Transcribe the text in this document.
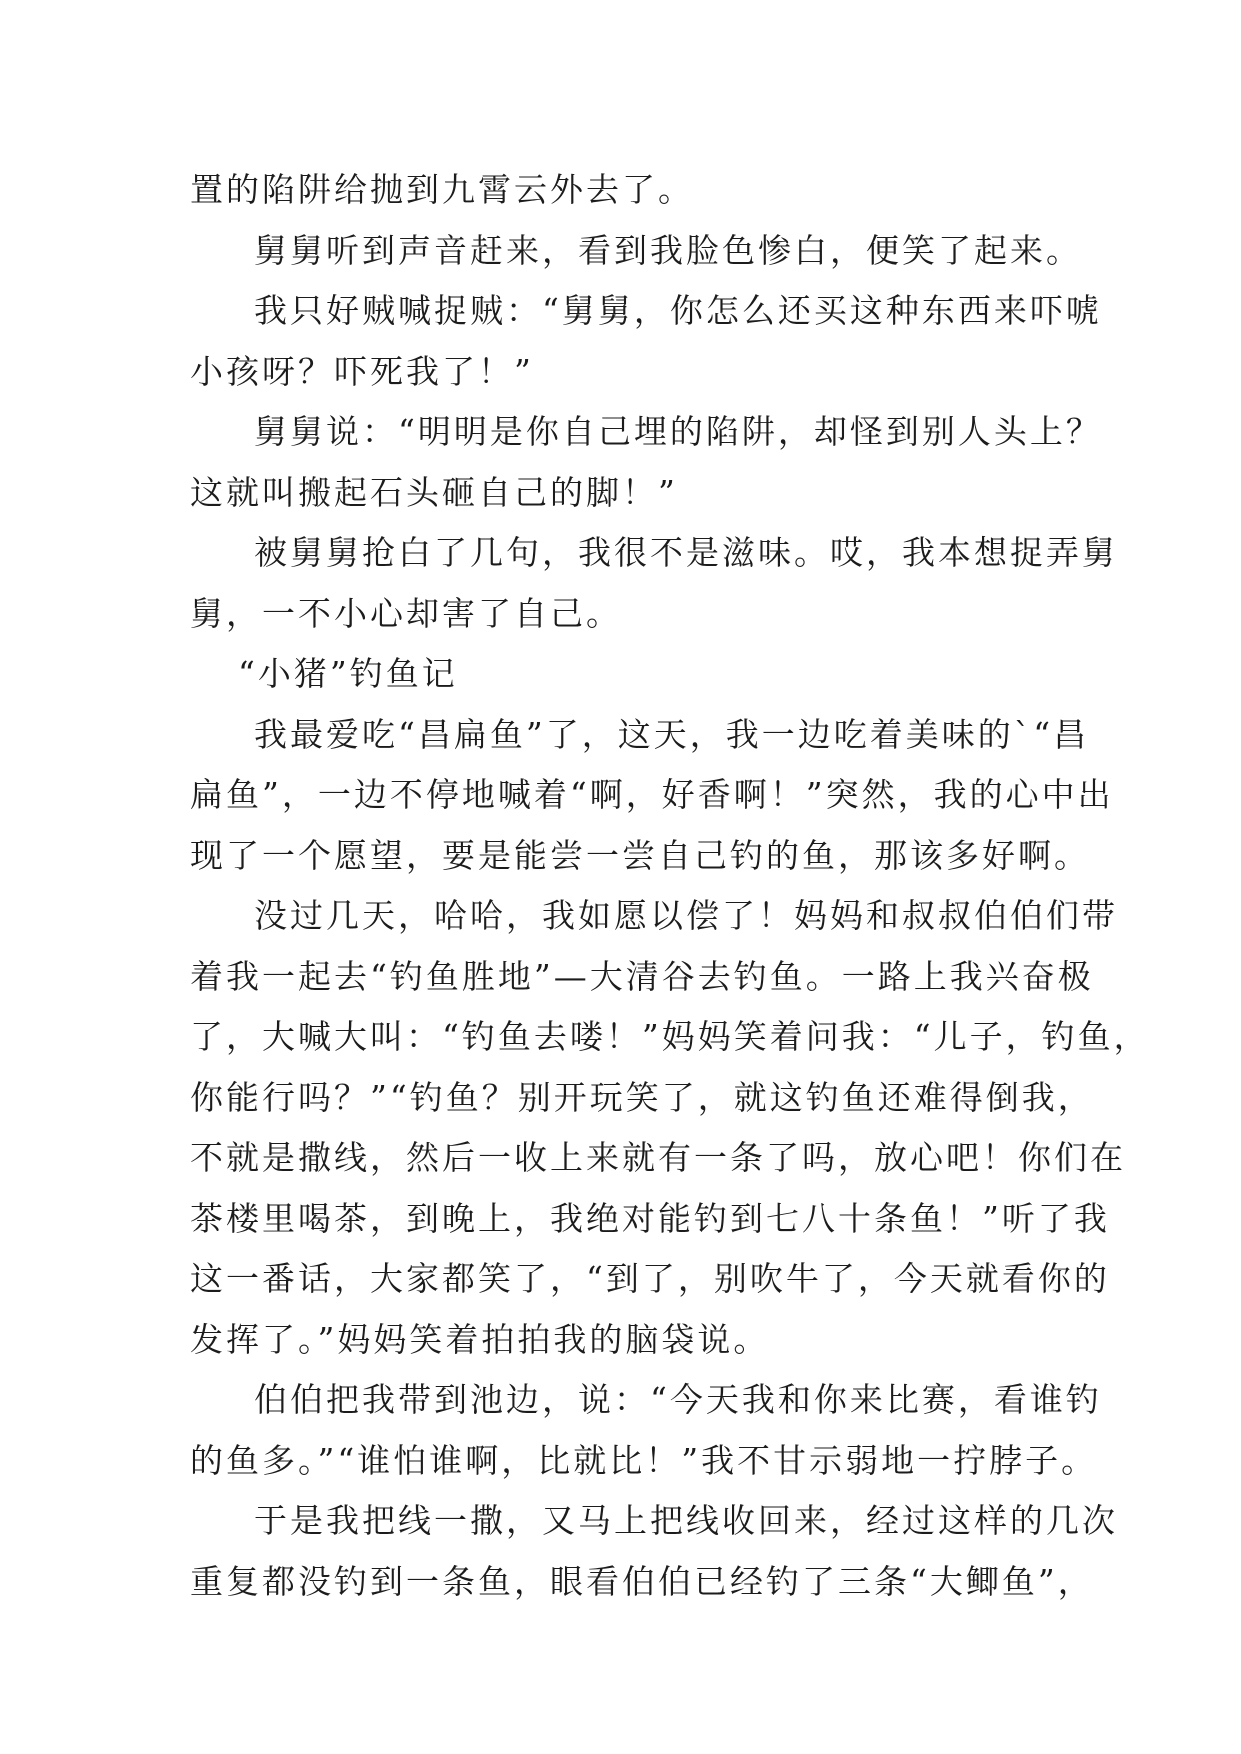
置的陷阱给抛到九霄云外去了。
舅舅听到声音赶来，看到我脸色惨白，便笑了起来。
我只好贼喊捉贼：“舅舅，你怎么还买这种东西来吓唬
小孩呀？吓死我了！”
舅舅说：“明明是你自己埋的陷阱，却怪到别人头上？
这就叫搬起石头砸自己的脚！”
被舅舅抢白了几句，我很不是滋味。哎，我本想捉弄舅
舅，一不小心却害了自己。
“小猪”钓鱼记
我最爱吃“昌扁鱼”了，这天，我一边吃着美味的`“昌
扁鱼”，一边不停地喊着“啊，好香啊！”突然，我的心中出
现了一个愿望，要是能尝一尝自己钓的鱼，那该多好啊。
没过几天，哈哈，我如愿以偿了！妈妈和叔叔伯伯们带
着我一起去“钓鱼胜地”—大清谷去钓鱼。一路上我兴奋极
了，大喊大叫：“钓鱼去喽！”妈妈笑着问我：“儿子，钓鱼，
你能行吗？”“钓鱼？别开玩笑了，就这钓鱼还难得倒我，
不就是撒线，然后一收上来就有一条了吗，放心吧！你们在
茶楼里喝茶，到晚上，我绝对能钓到七八十条鱼！”听了我
这一番话，大家都笑了，“到了，别吹牛了，今天就看你的
发挥了。”妈妈笑着拍拍我的脑袋说。
伯伯把我带到池边，说：“今天我和你来比赛，看谁钓
的鱼多。”“谁怕谁啊，比就比！”我不甘示弱地一拧脖子。
于是我把线一撒，又马上把线收回来，经过这样的几次
重复都没钓到一条鱼，眼看伯伯已经钓了三条“大鲫鱼”，
